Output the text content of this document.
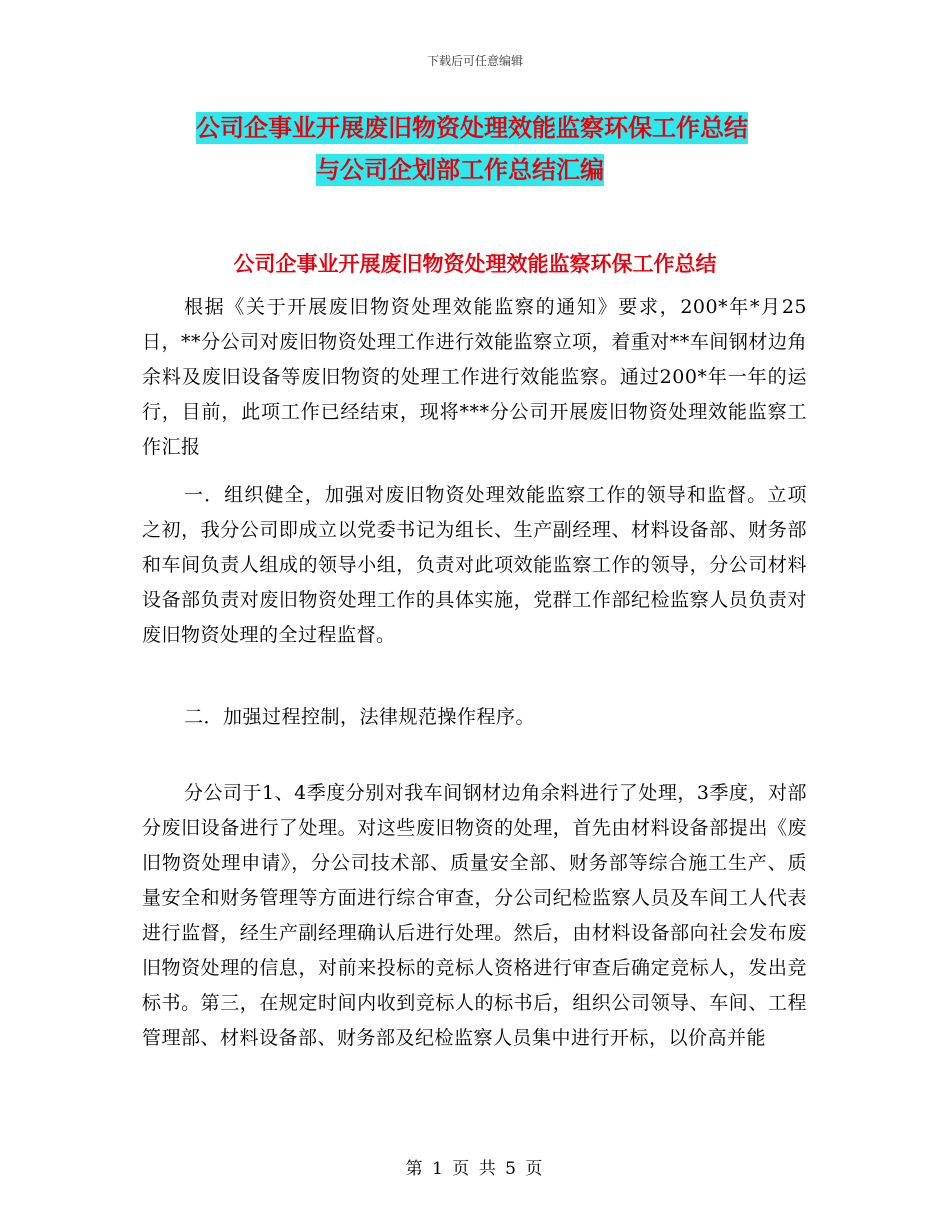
下载后可任意编辑
公司企事业开展废旧物资处理效能监察环保工作总结
与公司企划部工作总结汇编
公司企事业开展废旧物资处理效能监察环保工作总结
根据《关于开展废旧物资处理效能监察的通知》要求，200*年*月25日，**分公司对废旧物资处理工作进行效能监察立项，着重对**车间钢材边角余料及废旧设备等废旧物资的处理工作进行效能监察。通过200*年一年的运行，目前，此项工作已经结束，现将***分公司开展废旧物资处理效能监察工作汇报
一．组织健全，加强对废旧物资处理效能监察工作的领导和监督。立项之初，我分公司即成立以党委书记为组长、生产副经理、材料设备部、财务部和车间负责人组成的领导小组，负责对此项效能监察工作的领导，分公司材料设备部负责对废旧物资处理工作的具体实施，党群工作部纪检监察人员负责对废旧物资处理的全过程监督。
二．加强过程控制，法律规范操作程序。
分公司于1、4季度分别对我车间钢材边角余料进行了处理，3季度，对部分废旧设备进行了处理。对这些废旧物资的处理，首先由材料设备部提出《废旧物资处理申请》，分公司技术部、质量安全部、财务部等综合施工生产、质量安全和财务管理等方面进行综合审查，分公司纪检监察人员及车间工人代表进行监督，经生产副经理确认后进行处理。然后，由材料设备部向社会发布废旧物资处理的信息，对前来投标的竞标人资格进行审查后确定竞标人，发出竞标书。第三，在规定时间内收到竞标人的标书后，组织公司领导、车间、工程管理部、材料设备部、财务部及纪检监察人员集中进行开标，以价高并能
第 1 页 共 5 页
